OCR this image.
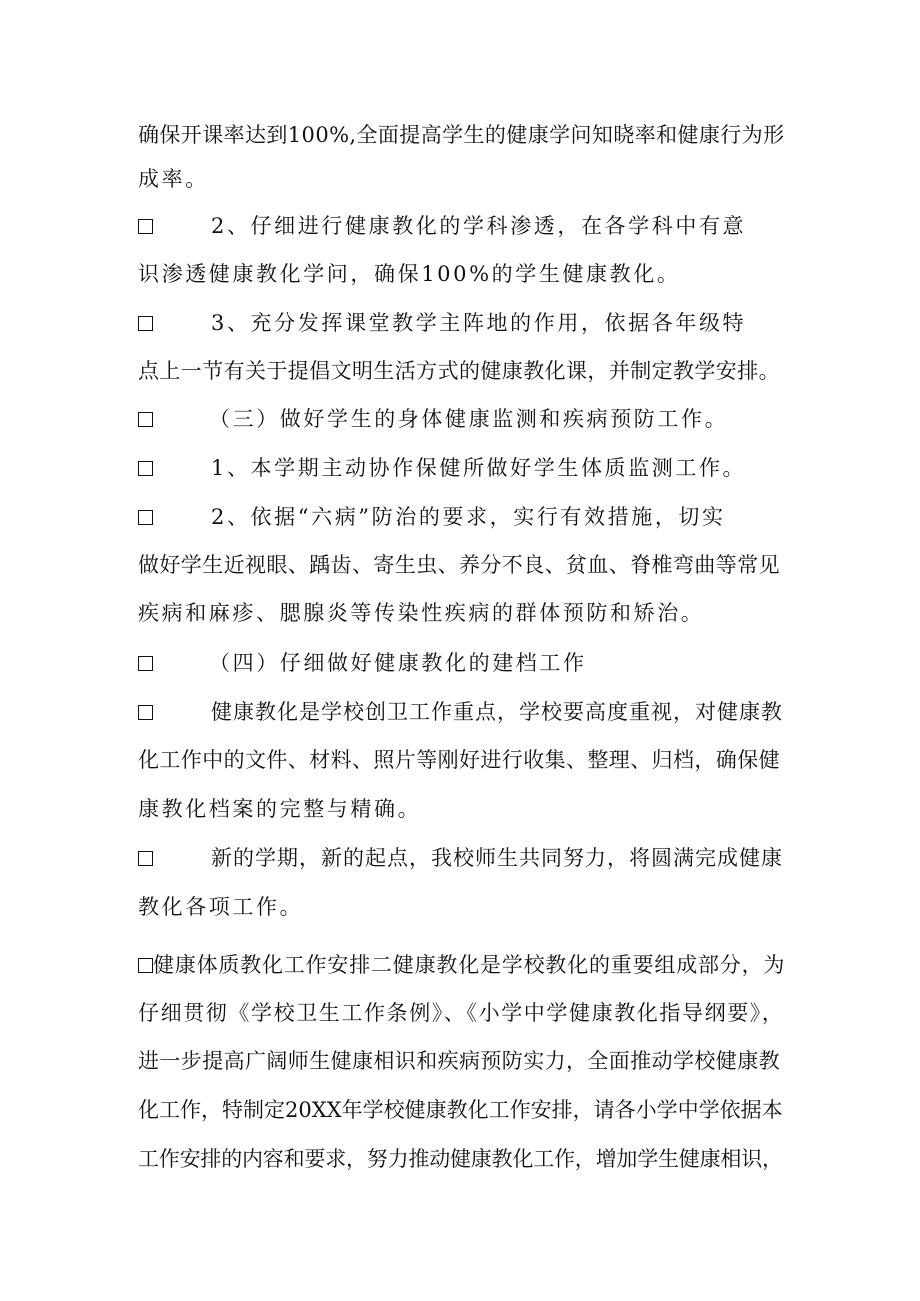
确保开课率达到100%,全面提高学生的健康学问知晓率和健康行为形
成率。
2、仔细进行健康教化的学科渗透，在各学科中有意
识渗透健康教化学问，确保100%的学生健康教化。
3、充分发挥课堂教学主阵地的作用，依据各年级特
点上一节有关于提倡文明生活方式的健康教化课，并制定教学安排。
（三）做好学生的身体健康监测和疾病预防工作。
1、本学期主动协作保健所做好学生体质监测工作。
2、依据“六病”防治的要求，实行有效措施，切实
做好学生近视眼、踽齿、寄生虫、养分不良、贫血、脊椎弯曲等常见
疾病和麻疹、腮腺炎等传染性疾病的群体预防和矫治。
（四）仔细做好健康教化的建档工作
健康教化是学校创卫工作重点，学校要高度重视，对健康教
化工作中的文件、材料、照片等刚好进行收集、整理、归档，确保健
康教化档案的完整与精确。
新的学期，新的起点，我校师生共同努力，将圆满完成健康
教化各项工作。
健康体质教化工作安排二健康教化是学校教化的重要组成部分，为
仔细贯彻《学校卫生工作条例》、《小学中学健康教化指导纲要》，
进一步提高广阔师生健康相识和疾病预防实力，全面推动学校健康教
化工作，特制定20XX年学校健康教化工作安排，请各小学中学依据本
工作安排的内容和要求，努力推动健康教化工作，增加学生健康相识，
